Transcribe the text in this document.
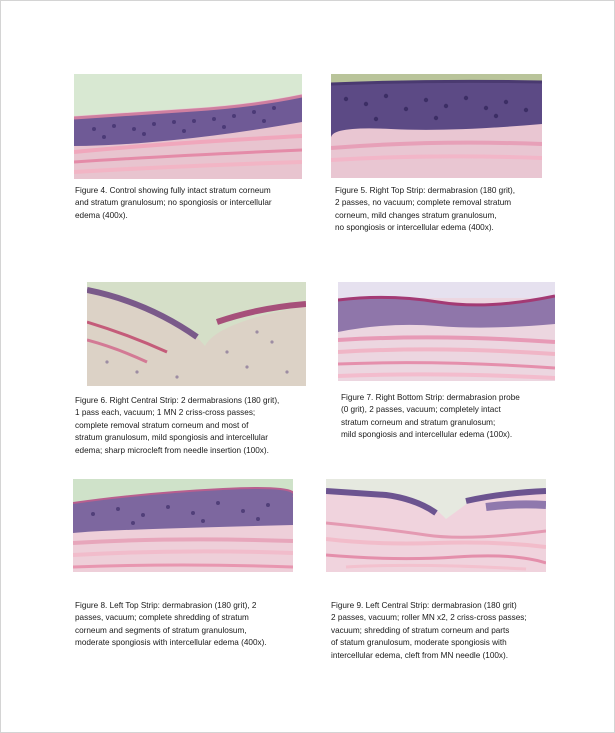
Figure 4. Control showing fully intact stratum corneum
and stratum granulosum; no spongiosis or intercellular
edema (400x).
Figure 5. Right Top Strip: dermabrasion (180 grit),
2 passes, no vacuum; complete removal stratum
corneum, mild changes stratum granulosum,
no spongiosis or intercellular edema (400x).
Figure 6. Right Central Strip: 2 dermabrasions (180 grit),
1 pass each, vacuum; 1 MN 2 criss-cross passes;
complete removal stratum corneum and most of
stratum granulosum, mild spongiosis and intercellular
edema; sharp microcleft from needle insertion (100x).
Figure 7. Right Bottom Strip: dermabrasion probe
(0 grit), 2 passes, vacuum; completely intact
stratum corneum and stratum granulosum;
mild spongiosis and intercellular edema (100x).
Figure 8. Left Top Strip: dermabrasion (180 grit), 2
passes, vacuum; complete shredding of stratum
corneum and segments of stratum granulosum,
moderate spongiosis with intercellular edema (400x).
Figure 9. Left Central Strip: dermabrasion (180 grit)
2 passes, vacuum; roller MN x2, 2 criss-cross passes;
vacuum; shredding of stratum corneum and parts
of statum granulosum, moderate spongiosis with
intercellular edema, cleft from MN needle (100x).
